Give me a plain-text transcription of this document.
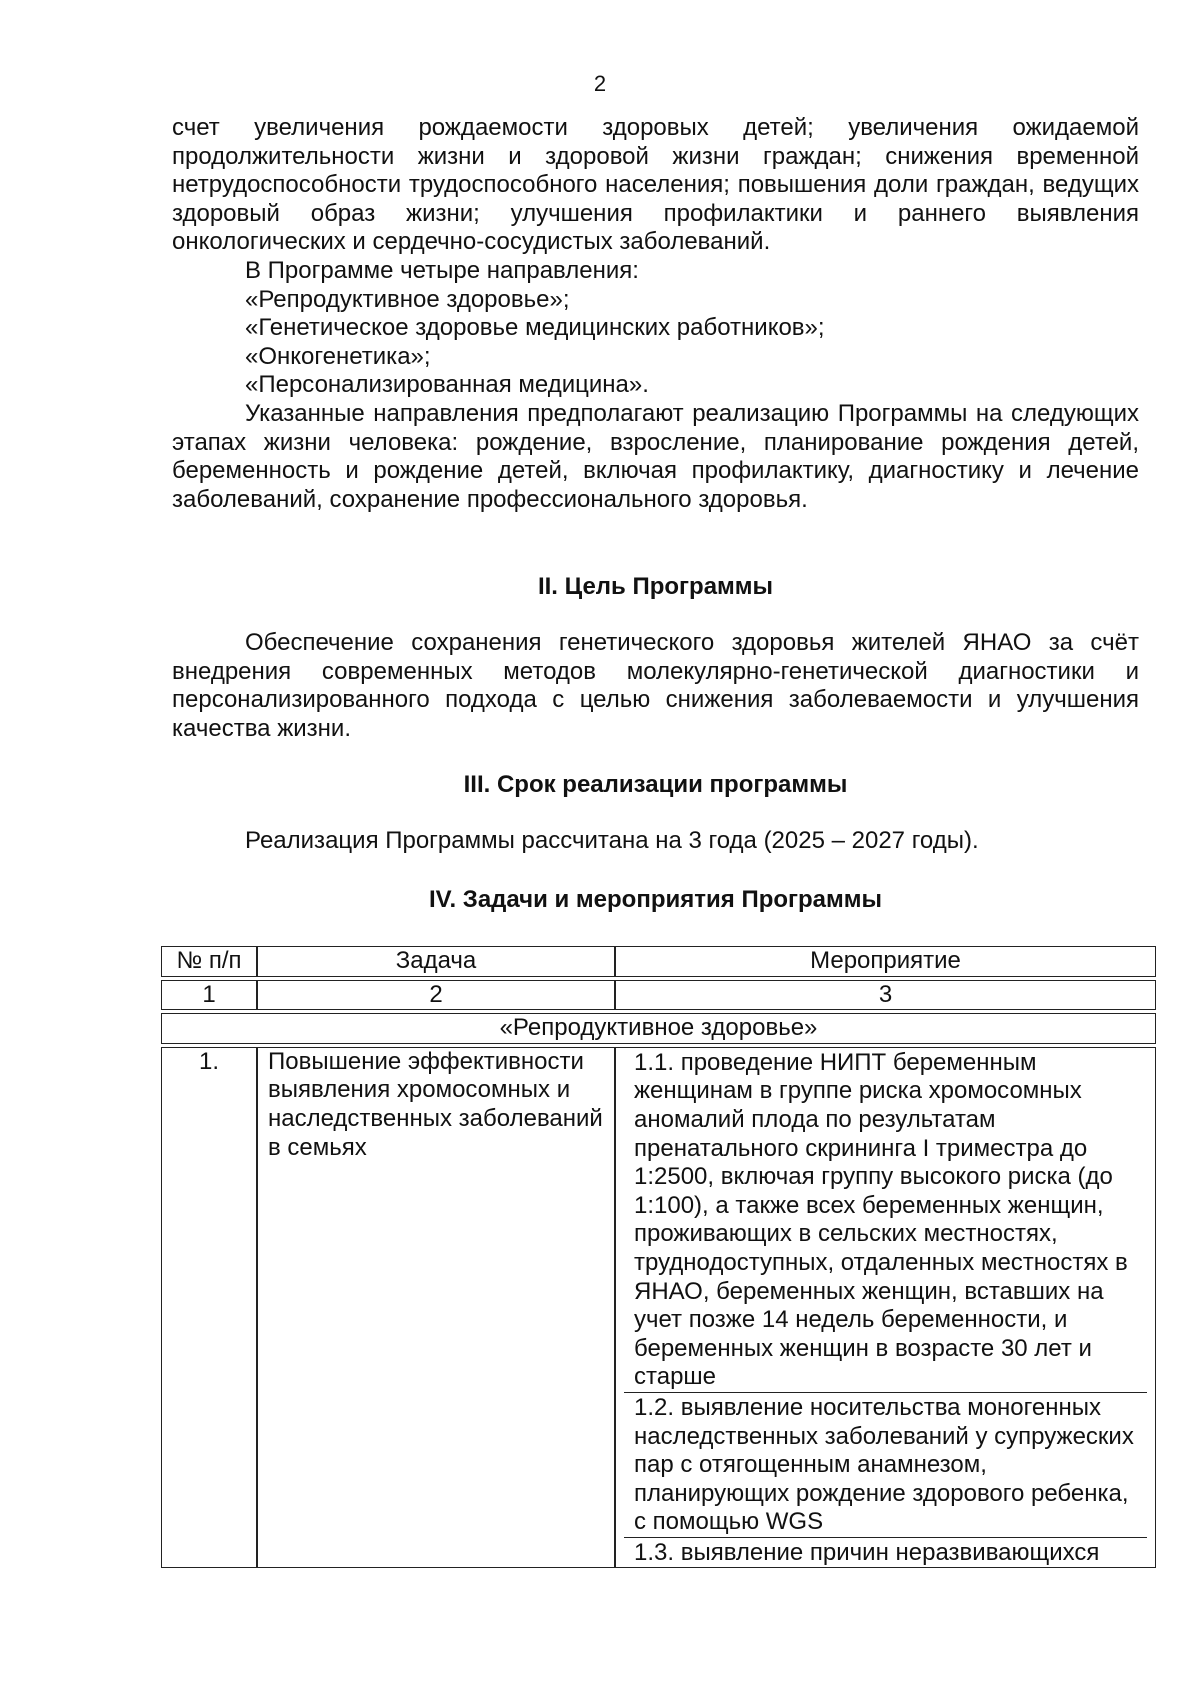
2

счет увеличения рождаемости здоровых детей; увеличения ожидаемой продолжительности жизни и здоровой жизни граждан; снижения временной нетрудоспособности трудоспособного населения; повышения доли граждан, ведущих здоровый образ жизни; улучшения профилактики и раннего выявления онкологических и сердечно-сосудистых заболеваний.

В Программе четыре направления:

«Репродуктивное здоровье»;

«Генетическое здоровье медицинских работников»;

«Онкогенетика»;

«Персонализированная медицина».

Указанные направления предполагают реализацию Программы на следующих этапах жизни человека: рождение, взросление, планирование рождения детей, беременность и рождение детей, включая профилактику, диагностику и лечение заболеваний, сохранение профессионального здоровья.

II. Цель Программы

Обеспечение сохранения генетического здоровья жителей ЯНАО за счёт внедрения современных методов молекулярно-генетической диагностики и персонализированного подхода с целью снижения заболеваемости и улучшения качества жизни.

III. Срок реализации программы
Реализация Программы рассчитана на 3 года (2025 – 2027 годы).
IV. Задачи и мероприятия Программы
№ п/п	Задача	Мероприятие
1	2	3
«Репродуктивное здоровье»		
1.	Повышение эффективности выявления хромосомных и наследственных заболеваний в семьях	1.1. проведение НИПТ беременным женщинам в группе риска хромосомных аномалий плода по результатам пренатального скрининга I триместра до 1:2500, включая группу высокого риска (до 1:100), а также всех беременных женщин, проживающих в сельских местностях, труднодоступных, отдаленных местностях в ЯНАО, беременных женщин, вставших на учет позже 14 недель беременности, и беременных женщин в возрасте 30 лет и старше
1.2. выявление носительства моногенных наследственных заболеваний у супружеских пар с отягощенным анамнезом, планирующих рождение здорового ребенка, с помощью WGS
1.3. выявление причин неразвивающихся
